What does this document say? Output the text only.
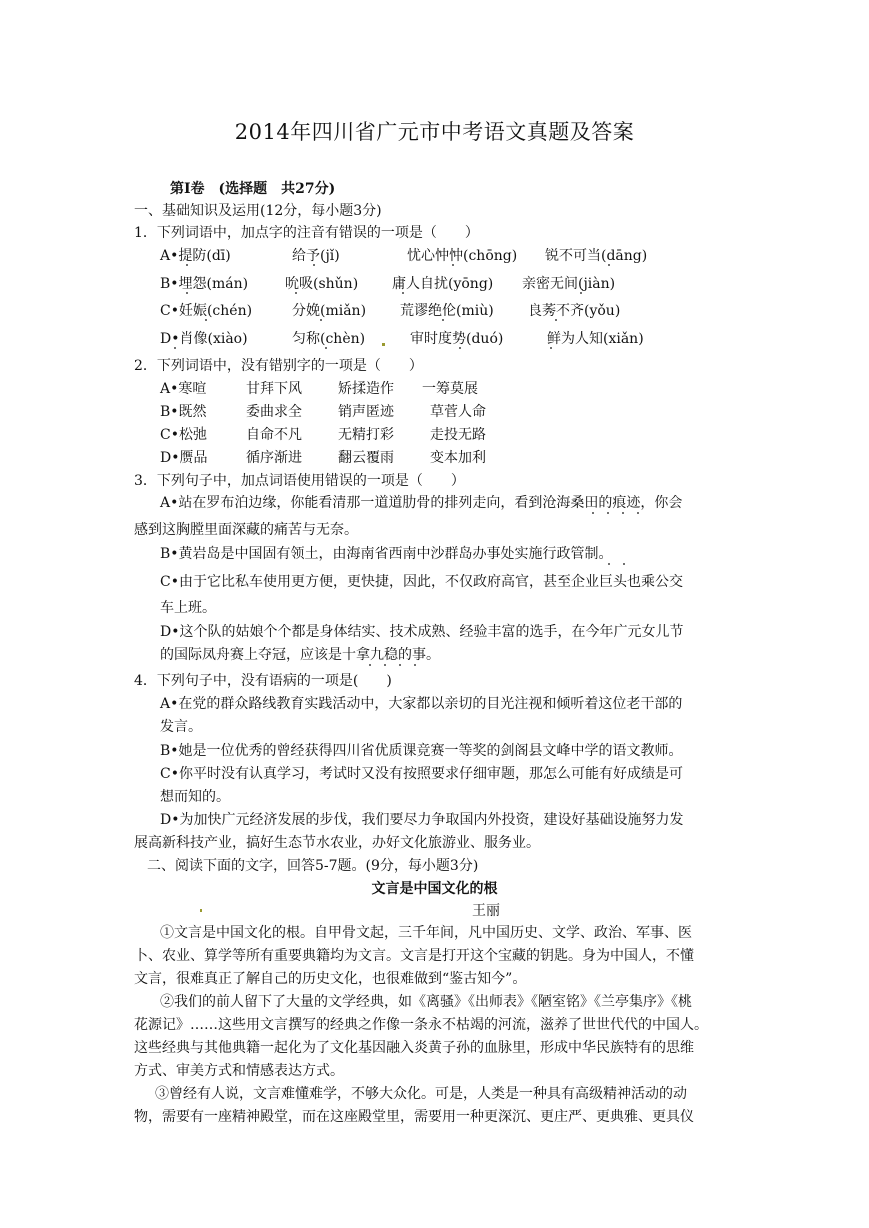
2014年四川省广元市中考语文真题及答案
第Ⅰ卷　(选择题　共27分)
一、基础知识及运用(12分，每小题3分)
1．下列词语中，加点字的注音有错误的一项是（　　）
A•提防(dī)	给予(jǐ)	忧心忡忡(chōng) 锐不可当(dāng)
B•埋怨(mán)	吮吸(shǔn) 庸人自扰(yōng) 亲密无间(jiàn)
C•妊娠(chén)	分娩(miǎn) 荒谬绝伦(miù) 良莠不齐(yǒu)
D•肖像(xiào)	匀称(chèn)	审时度势(duó)	鲜为人知(xiǎn)
2．下列词语中，没有错别字的一项是（　　）
A•寒喧	甘拜下风	矫揉造作 一筹莫展
B•既然	委曲求全	销声匿迹	草菅人命
C•松弛	自命不凡	无精打彩	走投无路
D•赝品	循序渐进	翻云覆雨	变本加利
3．下列句子中，加点词语使用错误的一项是（　　）
A•站在罗布泊边缘，你能看清那一道道肋骨的排列走向，看到沧海桑田的痕迹，你会
感到这胸膛里面深藏的痛苦与无奈。
B•黄岩岛是中国固有领土，由海南省西南中沙群岛办事处实施行政管制。
C•由于它比私车使用更方便，更快捷，因此，不仅政府高官，甚至企业巨头也乘公交
车上班。
D•这个队的姑娘个个都是身体结实、技术成熟、经验丰富的选手，在今年广元女儿节
的国际凤舟赛上夺冠，应该是十拿九稳的事。
4．下列句子中，没有语病的一项是(　　)
A•在党的群众路线教育实践活动中，大家都以亲切的目光注视和倾听着这位老干部的
发言。
B•她是一位优秀的曾经获得四川省优质课竞赛一等奖的剑阁县文峰中学的语文教师。
C•你平时没有认真学习，考试时又没有按照要求仔细审题，那怎么可能有好成绩是可
想而知的。
D•为加快广元经济发展的步伐，我们要尽力争取国内外投资，建设好基础设施努力发
展高新科技产业，搞好生态节水农业，办好文化旅游业、服务业。
二、阅读下面的文字，回答5-7题。(9分，每小题3分)
文言是中国文化的根
王丽
①文言是中国文化的根。自甲骨文起，三千年间，凡中国历史、文学、政治、军事、医
卜、农业、算学等所有重要典籍均为文言。文言是打开这个宝藏的钥匙。身为中国人，不懂
文言，很难真正了解自己的历史文化，也很难做到“鉴古知今”。
②我们的前人留下了大量的文学经典，如《离骚》《出师表》《陋室铭》《兰亭集序》《桃
花源记》……这些用文言撰写的经典之作像一条永不枯竭的河流，滋养了世世代代的中国人。
这些经典与其他典籍一起化为了文化基因融入炎黄子孙的血脉里，形成中华民族特有的思维
方式、审美方式和情感表达方式。
③曾经有人说，文言难懂难学，不够大众化。可是，人类是一种具有高级精神活动的动
物，需要有一座精神殿堂，而在这座殿堂里，需要用一种更深沉、更庄严、更典雅、更具仪
